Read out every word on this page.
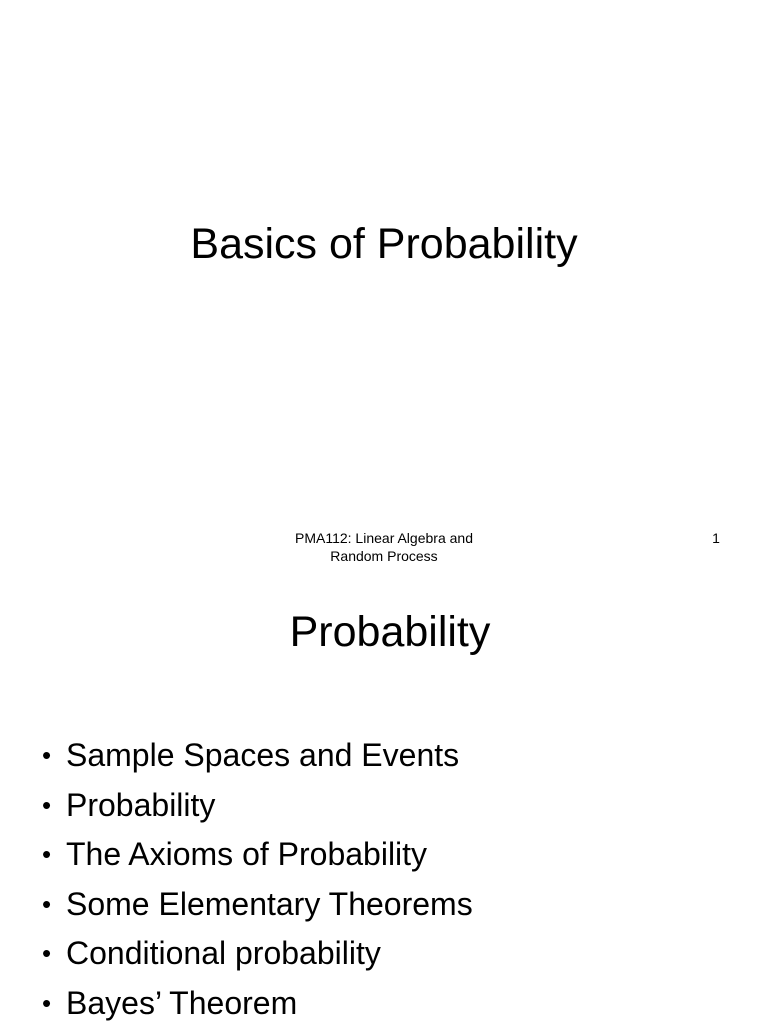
Basics of Probability
PMA112: Linear Algebra and
Random Process
1
Probability
• Sample Spaces and Events
• Probability
• The Axioms of Probability
• Some Elementary Theorems
• Conditional probability
• Bayes’ Theorem
